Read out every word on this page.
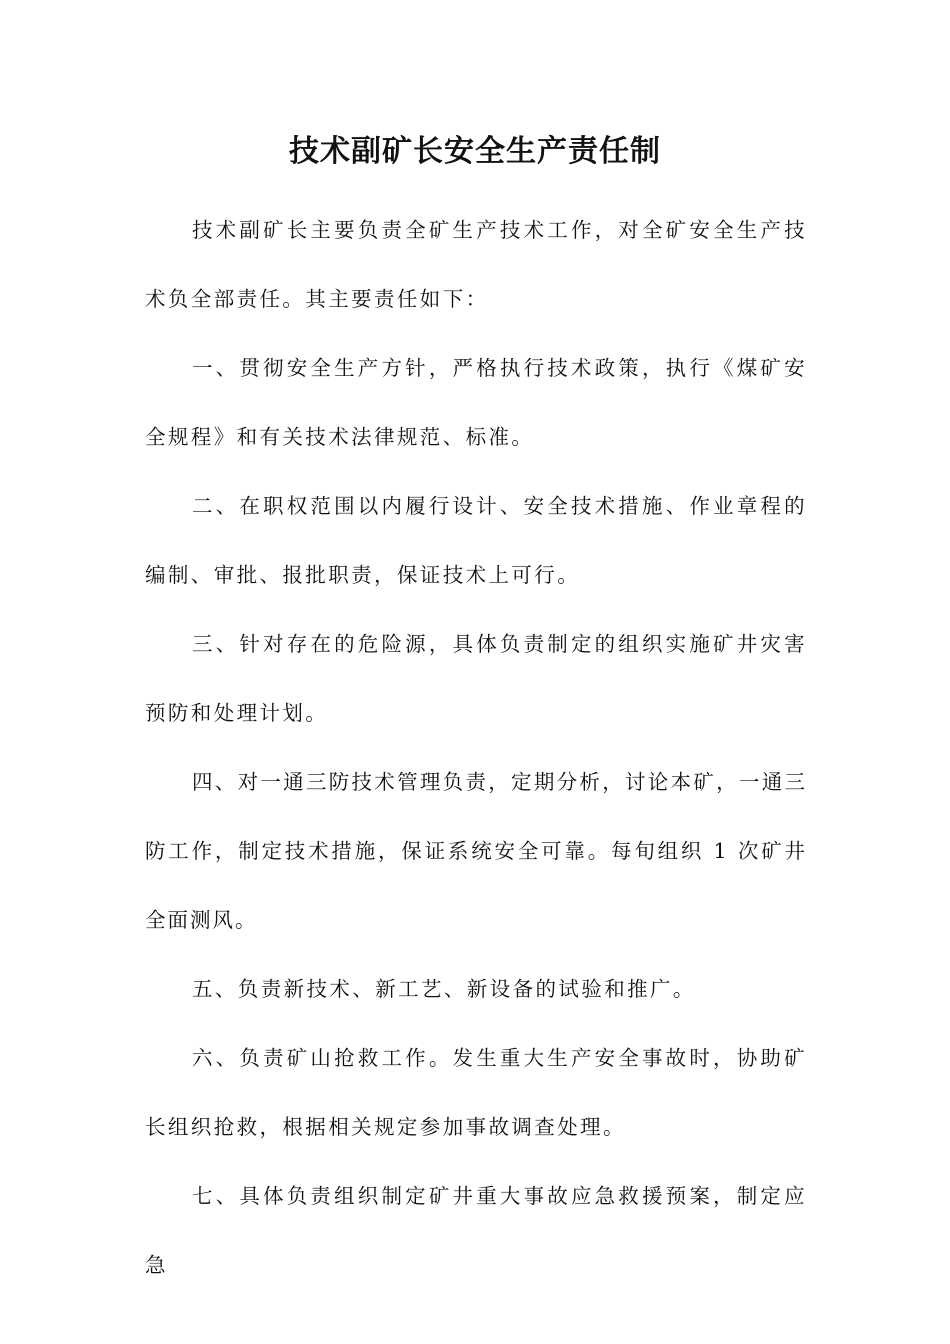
技术副矿长安全生产责任制

技术副矿长主要负责全矿生产技术工作，对全矿安全生产技术负全部责任。其主要责任如下：

一、贯彻安全生产方针，严格执行技术政策，执行《煤矿安全规程》和有关技术法律规范、标准。

二、在职权范围以内履行设计、安全技术措施、作业章程的编制、审批、报批职责，保证技术上可行。

三、针对存在的危险源，具体负责制定的组织实施矿井灾害预防和处理计划。

四、对一通三防技术管理负责，定期分析，讨论本矿，一通三防工作，制定技术措施，保证系统安全可靠。每旬组织 1 次矿井全面测风。

五、负责新技术、新工艺、新设备的试验和推广。

六、负责矿山抢救工作。发生重大生产安全事故时，协助矿长组织抢救，根据相关规定参加事故调查处理。

七、具体负责组织制定矿井重大事故应急救援预案，制定应急
